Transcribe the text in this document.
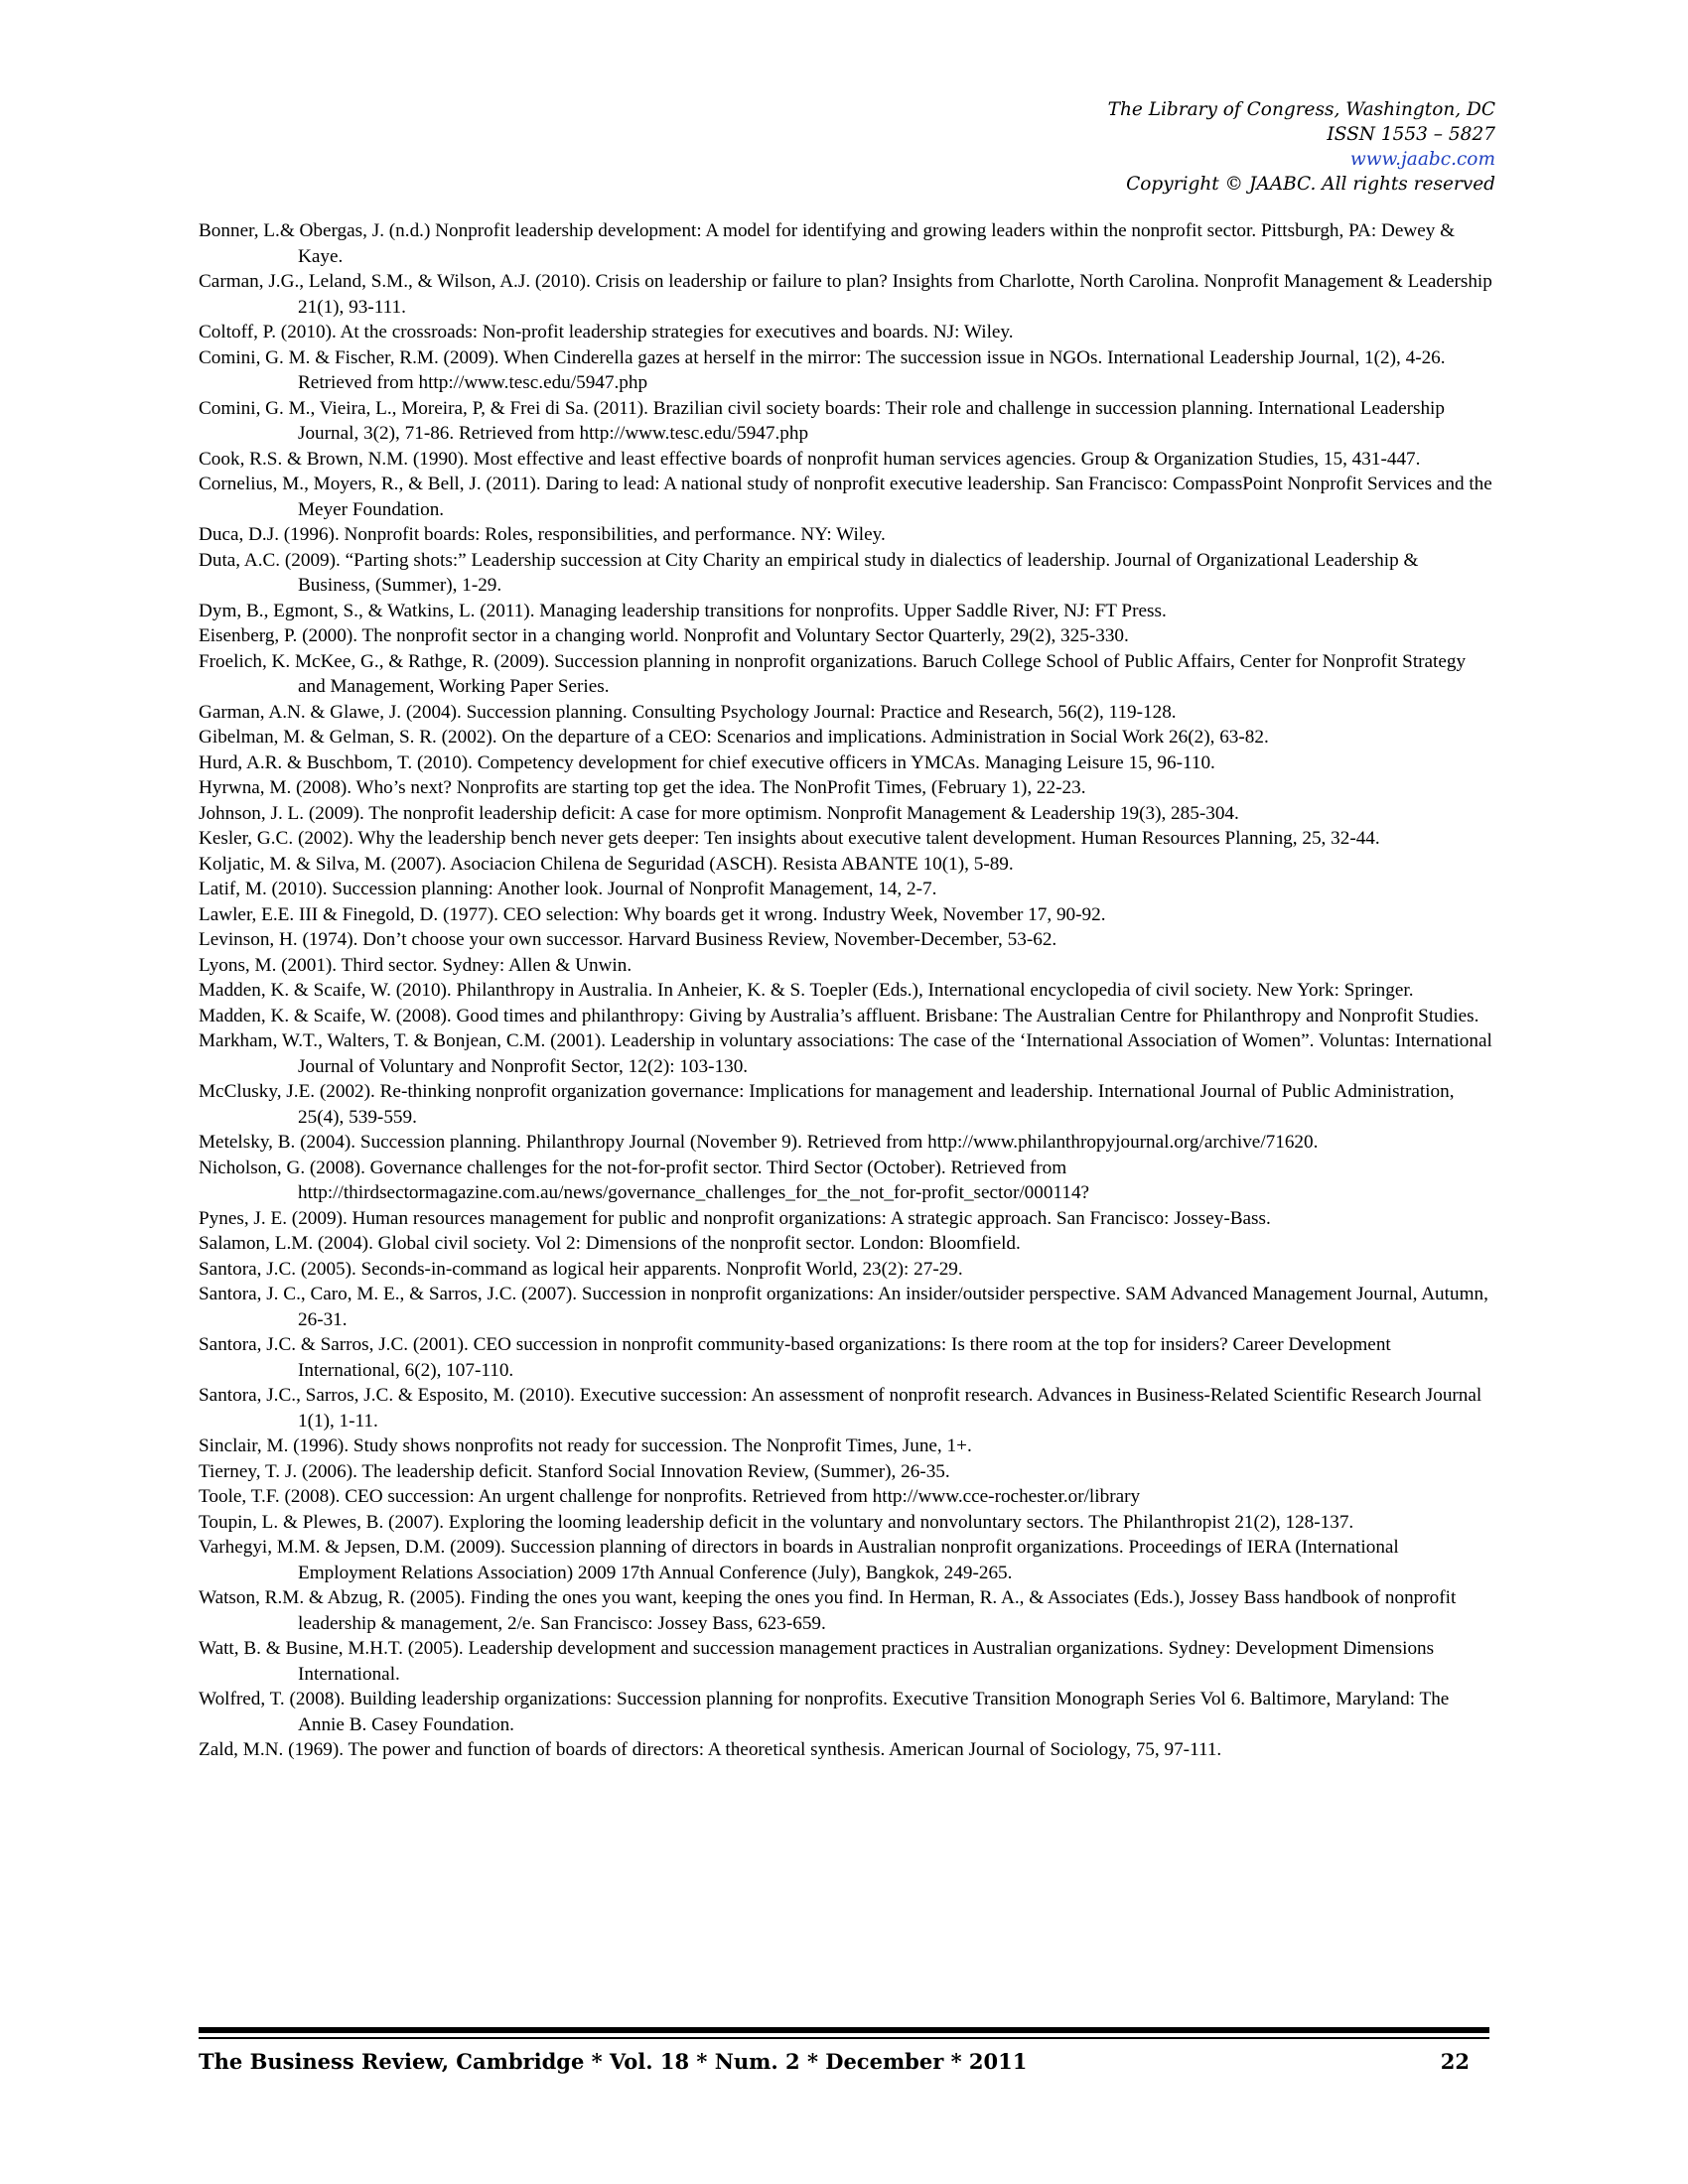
The Library of Congress, Washington, DC
ISSN 1553 – 5827
www.jaabc.com
Copyright © JAABC. All rights reserved
Bonner, L.& Obergas, J. (n.d.) Nonprofit leadership development: A model for identifying and growing leaders within the nonprofit sector. Pittsburgh, PA: Dewey & Kaye.
Carman, J.G., Leland, S.M., & Wilson, A.J. (2010). Crisis on leadership or failure to plan? Insights from Charlotte, North Carolina. Nonprofit Management & Leadership 21(1), 93-111.
Coltoff, P. (2010). At the crossroads: Non-profit leadership strategies for executives and boards. NJ: Wiley.
Comini, G. M. & Fischer, R.M. (2009). When Cinderella gazes at herself in the mirror: The succession issue in NGOs. International Leadership Journal, 1(2), 4-26. Retrieved from http://www.tesc.edu/5947.php
Comini, G. M., Vieira, L., Moreira, P, & Frei di Sa. (2011). Brazilian civil society boards: Their role and challenge in succession planning. International Leadership Journal, 3(2), 71-86. Retrieved from http://www.tesc.edu/5947.php
Cook, R.S. & Brown, N.M. (1990). Most effective and least effective boards of nonprofit human services agencies. Group & Organization Studies, 15, 431-447.
Cornelius, M., Moyers, R., & Bell, J. (2011). Daring to lead: A national study of nonprofit executive leadership. San Francisco: CompassPoint Nonprofit Services and the Meyer Foundation.
Duca, D.J. (1996). Nonprofit boards: Roles, responsibilities, and performance. NY: Wiley.
Duta, A.C. (2009). “Parting shots:” Leadership succession at City Charity an empirical study in dialectics of leadership. Journal of Organizational Leadership & Business, (Summer), 1-29.
Dym, B., Egmont, S., & Watkins, L. (2011). Managing leadership transitions for nonprofits. Upper Saddle River, NJ: FT Press.
Eisenberg, P. (2000). The nonprofit sector in a changing world. Nonprofit and Voluntary Sector Quarterly, 29(2), 325-330.
Froelich, K. McKee, G., & Rathge, R. (2009). Succession planning in nonprofit organizations. Baruch College School of Public Affairs, Center for Nonprofit Strategy and Management, Working Paper Series.
Garman, A.N. & Glawe, J. (2004). Succession planning. Consulting Psychology Journal: Practice and Research, 56(2), 119-128.
Gibelman, M. & Gelman, S. R. (2002). On the departure of a CEO: Scenarios and implications. Administration in Social Work 26(2), 63-82.
Hurd, A.R. & Buschbom, T. (2010). Competency development for chief executive officers in YMCAs. Managing Leisure 15, 96-110.
Hyrwna, M. (2008). Who’s next? Nonprofits are starting top get the idea. The NonProfit Times, (February 1), 22-23.
Johnson, J. L. (2009). The nonprofit leadership deficit: A case for more optimism. Nonprofit Management & Leadership 19(3), 285-304.
Kesler, G.C. (2002). Why the leadership bench never gets deeper: Ten insights about executive talent development. Human Resources Planning, 25, 32-44.
Koljatic, M. & Silva, M. (2007). Asociacion Chilena de Seguridad (ASCH). Resista ABANTE 10(1), 5-89.
Latif, M. (2010). Succession planning: Another look. Journal of Nonprofit Management, 14, 2-7.
Lawler, E.E. III & Finegold, D. (1977). CEO selection: Why boards get it wrong. Industry Week, November 17, 90-92.
Levinson, H. (1974). Don’t choose your own successor. Harvard Business Review, November-December, 53-62.
Lyons, M. (2001). Third sector. Sydney: Allen & Unwin.
Madden, K. & Scaife, W. (2010). Philanthropy in Australia. In Anheier, K. & S. Toepler (Eds.), International encyclopedia of civil society. New York: Springer.
Madden, K. & Scaife, W. (2008). Good times and philanthropy: Giving by Australia’s affluent. Brisbane: The Australian Centre for Philanthropy and Nonprofit Studies.
Markham, W.T., Walters, T. & Bonjean, C.M. (2001). Leadership in voluntary associations: The case of the ‘International Association of Women”. Voluntas: International Journal of Voluntary and Nonprofit Sector, 12(2): 103-130.
McClusky, J.E. (2002). Re-thinking nonprofit organization governance: Implications for management and leadership. International Journal of Public Administration, 25(4), 539-559.
Metelsky, B. (2004). Succession planning. Philanthropy Journal (November 9). Retrieved from http://www.philanthropyjournal.org/archive/71620.
Nicholson, G. (2008). Governance challenges for the not-for-profit sector. Third Sector (October). Retrieved from http://thirdsectormagazine.com.au/news/governance_challenges_for_the_not_for-profit_sector/000114?
Pynes, J. E. (2009). Human resources management for public and nonprofit organizations: A strategic approach. San Francisco: Jossey-Bass.
Salamon, L.M. (2004). Global civil society. Vol 2: Dimensions of the nonprofit sector. London: Bloomfield.
Santora, J.C. (2005). Seconds-in-command as logical heir apparents. Nonprofit World, 23(2): 27-29.
Santora, J. C., Caro, M. E., & Sarros, J.C. (2007). Succession in nonprofit organizations: An insider/outsider perspective. SAM Advanced Management Journal, Autumn, 26-31.
Santora, J.C. & Sarros, J.C. (2001). CEO succession in nonprofit community-based organizations: Is there room at the top for insiders? Career Development International, 6(2), 107-110.
Santora, J.C., Sarros, J.C. & Esposito, M. (2010). Executive succession: An assessment of nonprofit research. Advances in Business-Related Scientific Research Journal 1(1), 1-11.
Sinclair, M. (1996). Study shows nonprofits not ready for succession. The Nonprofit Times, June, 1+.
Tierney, T. J. (2006). The leadership deficit. Stanford Social Innovation Review, (Summer), 26-35.
Toole, T.F. (2008). CEO succession: An urgent challenge for nonprofits. Retrieved from http://www.cce-rochester.or/library
Toupin, L. & Plewes, B. (2007). Exploring the looming leadership deficit in the voluntary and nonvoluntary sectors. The Philanthropist 21(2), 128-137.
Varhegyi, M.M. & Jepsen, D.M. (2009). Succession planning of directors in boards in Australian nonprofit organizations. Proceedings of IERA (International Employment Relations Association) 2009 17th Annual Conference (July), Bangkok, 249-265.
Watson, R.M. & Abzug, R. (2005). Finding the ones you want, keeping the ones you find. In Herman, R. A., & Associates (Eds.), Jossey Bass handbook of nonprofit leadership & management, 2/e. San Francisco: Jossey Bass, 623-659.
Watt, B. & Busine, M.H.T. (2005). Leadership development and succession management practices in Australian organizations. Sydney: Development Dimensions International.
Wolfred, T. (2008). Building leadership organizations: Succession planning for nonprofits. Executive Transition Monograph Series Vol 6. Baltimore, Maryland: The Annie B. Casey Foundation.
Zald, M.N. (1969). The power and function of boards of directors: A theoretical synthesis. American Journal of Sociology, 75, 97-111.
The Business Review, Cambridge * Vol. 18 * Num. 2 * December * 2011	22
